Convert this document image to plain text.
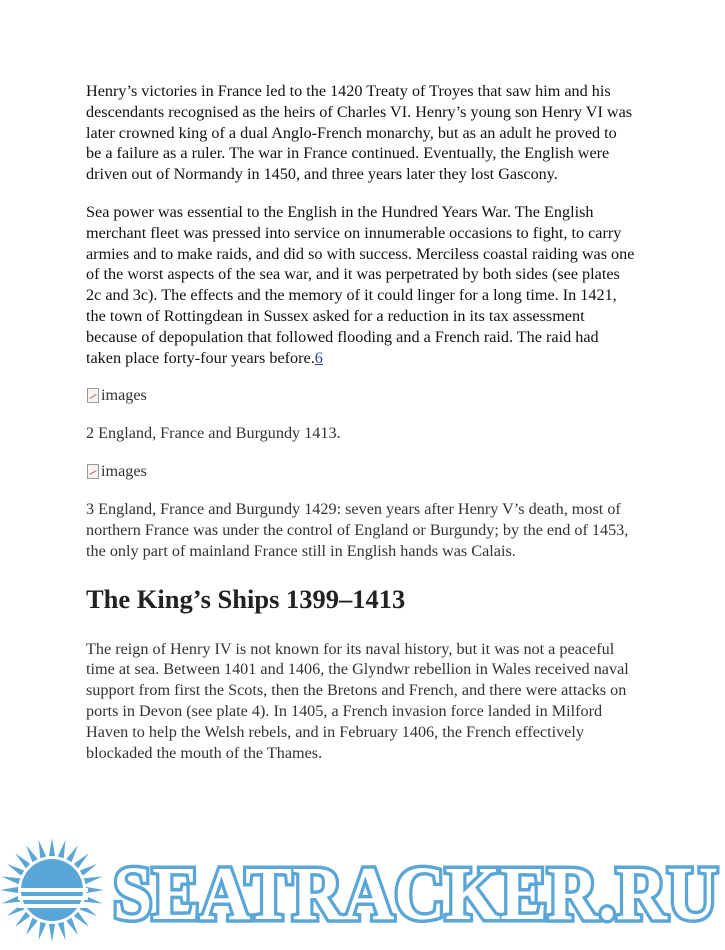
Henry’s victories in France led to the 1420 Treaty of Troyes that saw him and his descendants recognised as the heirs of Charles VI. Henry’s young son Henry VI was later crowned king of a dual Anglo-French monarchy, but as an adult he proved to be a failure as a ruler. The war in France continued. Eventually, the English were driven out of Normandy in 1450, and three years later they lost Gascony.

Sea power was essential to the English in the Hundred Years War. The English merchant fleet was pressed into service on innumerable occasions to fight, to carry armies and to make raids, and did so with success. Merciless coastal raiding was one of the worst aspects of the sea war, and it was perpetrated by both sides (see plates 2c and 3c). The effects and the memory of it could linger for a long time. In 1421, the town of Rottingdean in Sussex asked for a reduction in its tax assessment because of depopulation that followed flooding and a French raid. The raid had taken place forty-four years before.6

images

2 England, France and Burgundy 1413.

images

3 England, France and Burgundy 1429: seven years after Henry V’s death, most of northern France was under the control of England or Burgundy; by the end of 1453, the only part of mainland France still in English hands was Calais.

The King’s Ships 1399–1413

The reign of Henry IV is not known for its naval history, but it was not a peaceful time at sea. Between 1401 and 1406, the Glyndwr rebellion in Wales received naval support from first the Scots, then the Bretons and French, and there were attacks on ports in Devon (see plate 4). In 1405, a French invasion force landed in Milford Haven to help the Welsh rebels, and in February 1406, the French effectively blockaded the mouth of the Thames.

SEATRACKER.RU
